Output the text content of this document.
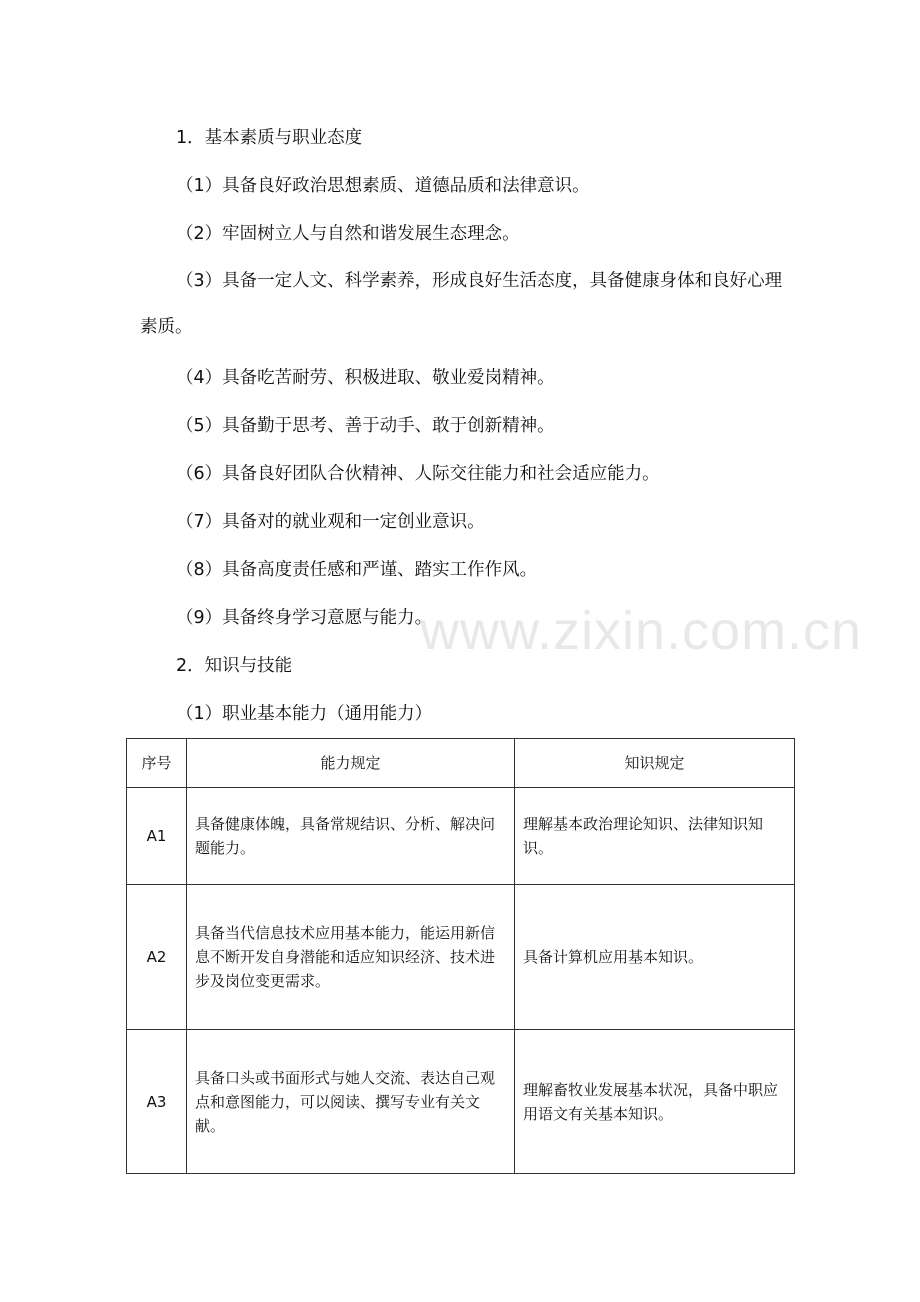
1．基本素质与职业态度
（1）具备良好政治思想素质、道德品质和法律意识。
（2）牢固树立人与自然和谐发展生态理念。
（3）具备一定人文、科学素养，形成良好生活态度，具备健康身体和良好心理素质。
（4）具备吃苦耐劳、积极进取、敬业爱岗精神。
（5）具备勤于思考、善于动手、敢于创新精神。
（6）具备良好团队合伙精神、人际交往能力和社会适应能力。
（7）具备对的就业观和一定创业意识。
（8）具备高度责任感和严谨、踏实工作作风。
（9）具备终身学习意愿与能力。
2．知识与技能
（1）职业基本能力（通用能力）
www.zixin.com.cn
序号	能力规定	知识规定
A1	具备健康体魄，具备常规结识、分析、解决问题能力。	理解基本政治理论知识、法律知识知识。
A2	具备当代信息技术应用基本能力，能运用新信息不断开发自身潜能和适应知识经济、技术进步及岗位变更需求。	具备计算机应用基本知识。
A3	具备口头或书面形式与她人交流、表达自己观点和意图能力，可以阅读、撰写专业有关文献。	理解畜牧业发展基本状况，具备中职应用语文有关基本知识。
